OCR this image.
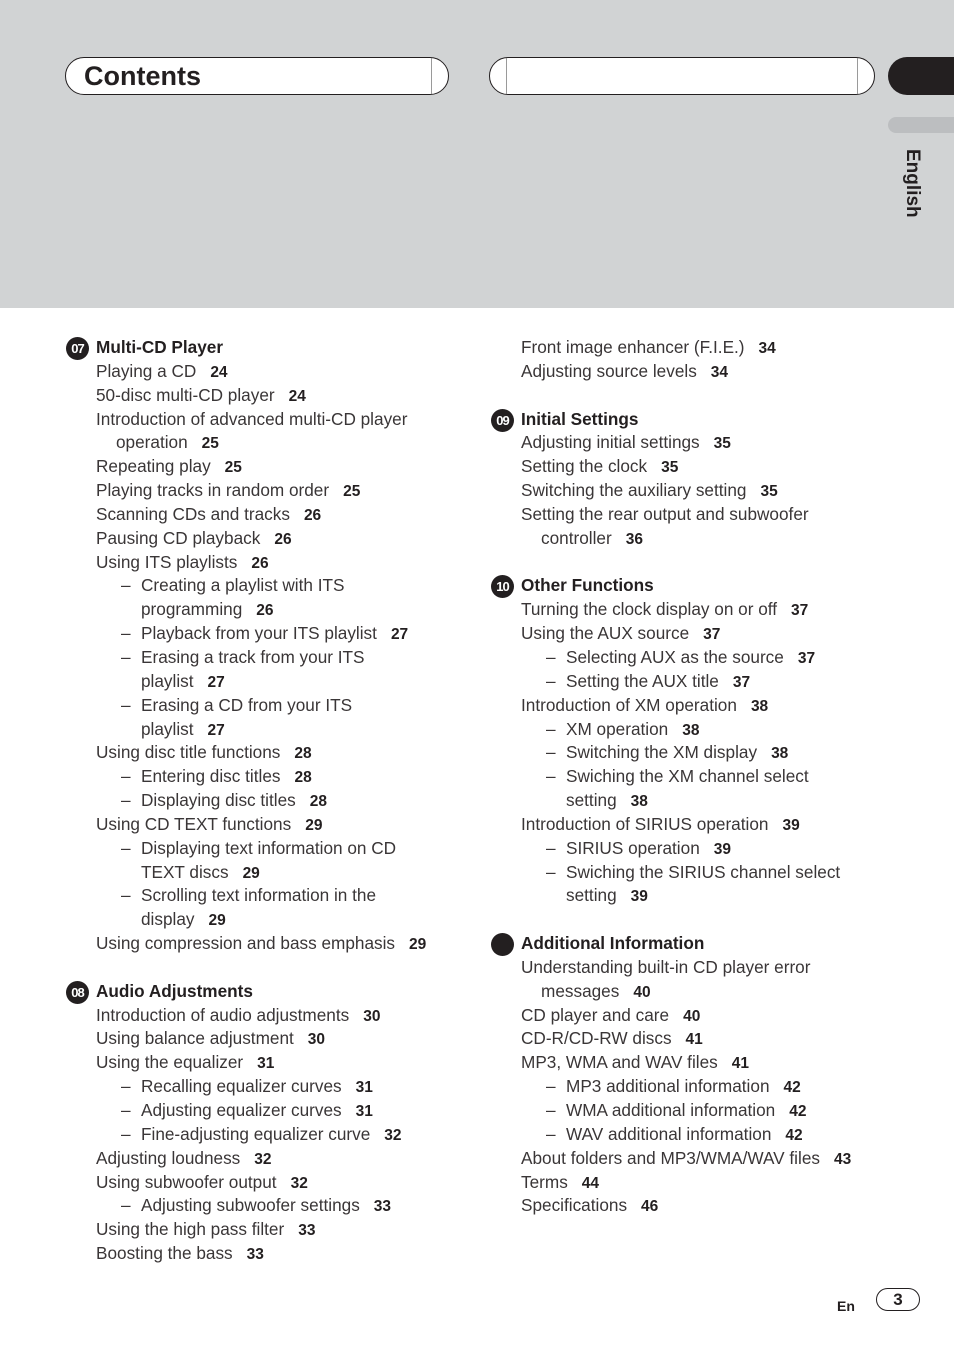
Contents
English
07 Multi-CD Player
Playing a CD 24
50-disc multi-CD player 24
Introduction of advanced multi-CD player
operation 25
Repeating play 25
Playing tracks in random order 25
Scanning CDs and tracks 26
Pausing CD playback 26
Using ITS playlists 26
– Creating a playlist with ITS
programming 26
– Playback from your ITS playlist 27
– Erasing a track from your ITS
playlist 27
– Erasing a CD from your ITS
playlist 27
Using disc title functions 28
– Entering disc titles 28
– Displaying disc titles 28
Using CD TEXT functions 29
– Displaying text information on CD
TEXT discs 29
– Scrolling text information in the
display 29
Using compression and bass emphasis 29
08 Audio Adjustments
Introduction of audio adjustments 30
Using balance adjustment 30
Using the equalizer 31
– Recalling equalizer curves 31
– Adjusting equalizer curves 31
– Fine-adjusting equalizer curve 32
Adjusting loudness 32
Using subwoofer output 32
– Adjusting subwoofer settings 33
Using the high pass filter 33
Boosting the bass 33
Front image enhancer (F.I.E.) 34
Adjusting source levels 34
09 Initial Settings
Adjusting initial settings 35
Setting the clock 35
Switching the auxiliary setting 35
Setting the rear output and subwoofer
controller 36
10 Other Functions
Turning the clock display on or off 37
Using the AUX source 37
– Selecting AUX as the source 37
– Setting the AUX title 37
Introduction of XM operation 38
– XM operation 38
– Switching the XM display 38
– Swiching the XM channel select
setting 38
Introduction of SIRIUS operation 39
– SIRIUS operation 39
– Swiching the SIRIUS channel select
setting 39
Additional Information
Understanding built-in CD player error
messages 40
CD player and care 40
CD-R/CD-RW discs 41
MP3, WMA and WAV files 41
– MP3 additional information 42
– WMA additional information 42
– WAV additional information 42
About folders and MP3/WMA/WAV files 43
Terms 44
Specifications 46
En	3
